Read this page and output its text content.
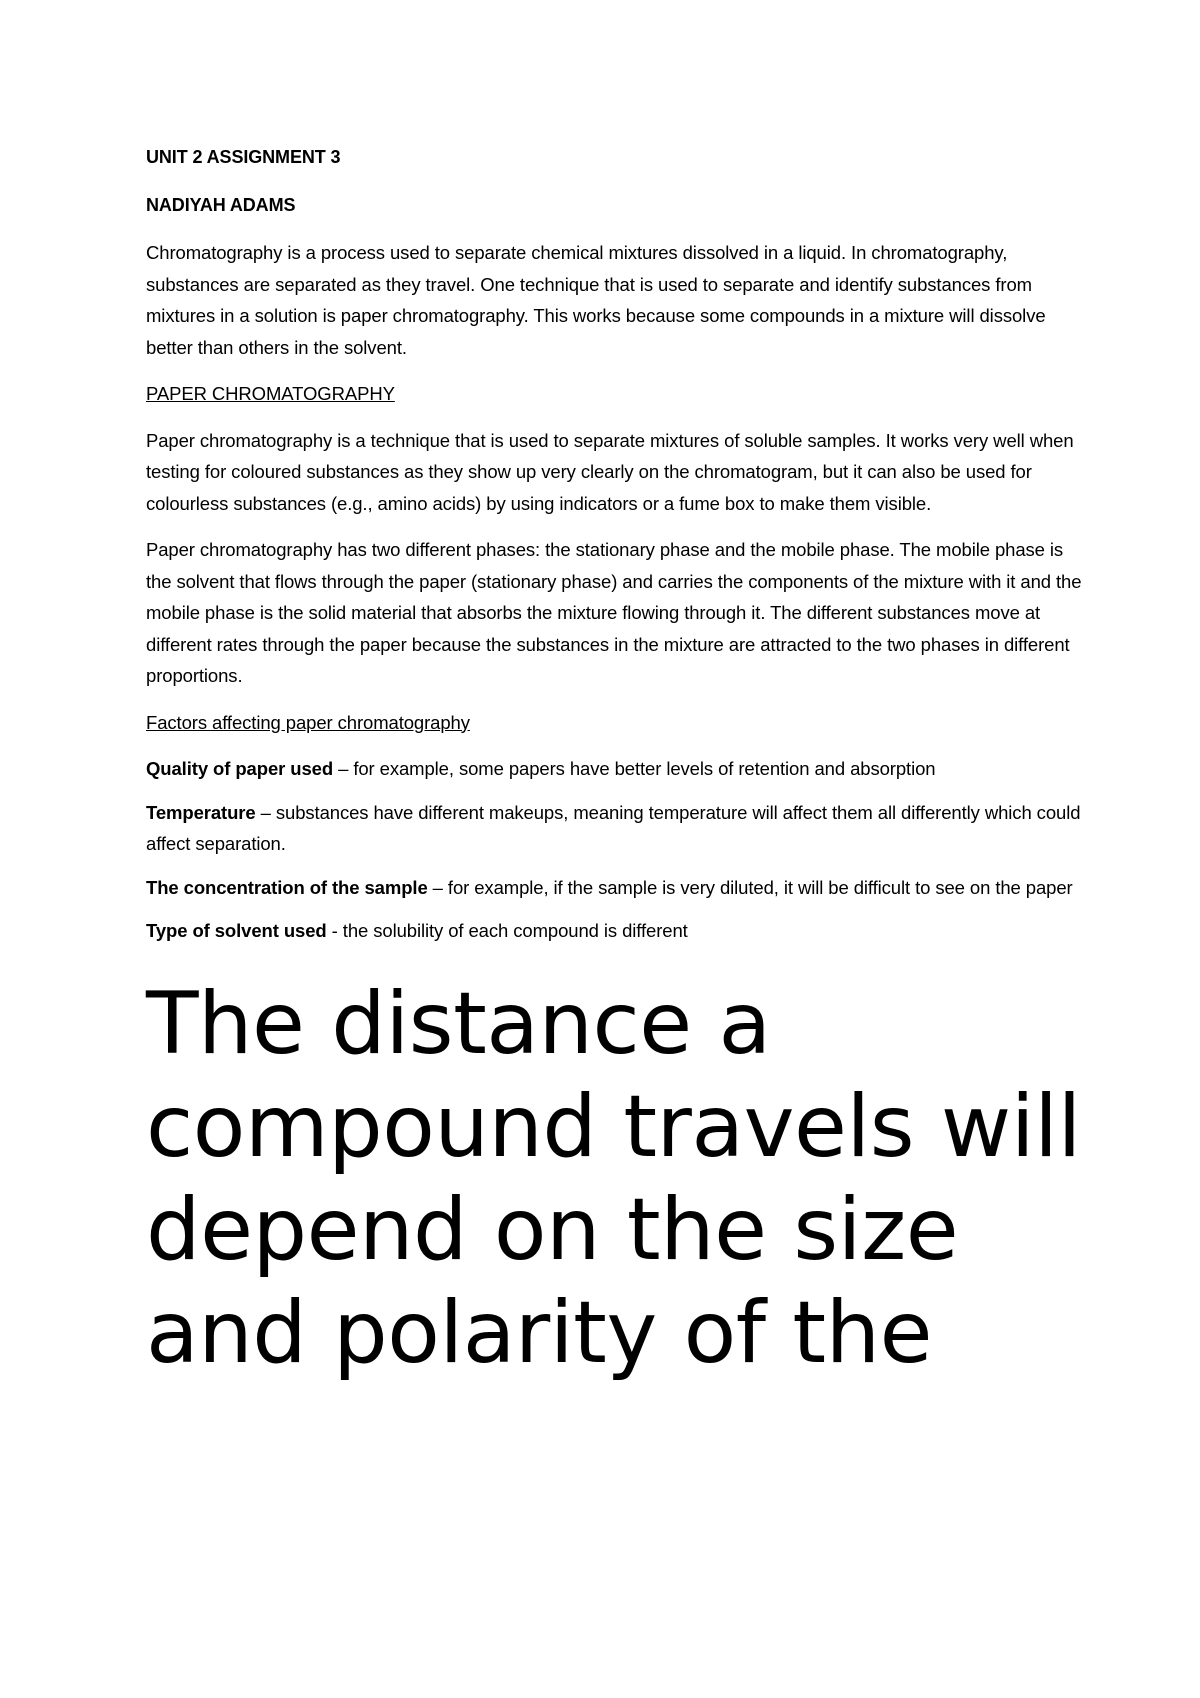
UNIT 2 ASSIGNMENT 3

NADIYAH ADAMS

Chromatography is a process used to separate chemical mixtures dissolved in a liquid. In chromatography, substances are separated as they travel. One technique that is used to separate and identify substances from mixtures in a solution is paper chromatography. This works because some compounds in a mixture will dissolve better than others in the solvent.

PAPER CHROMATOGRAPHY

Paper chromatography is a technique that is used to separate mixtures of soluble samples. It works very well when testing for coloured substances as they show up very clearly on the chromatogram, but it can also be used for colourless substances (e.g., amino acids) by using indicators or a fume box to make them visible.

Paper chromatography has two different phases: the stationary phase and the mobile phase. The mobile phase is the solvent that flows through the paper (stationary phase) and carries the components of the mixture with it and the mobile phase is the solid material that absorbs the mixture flowing through it. The different substances move at different rates through the paper because the substances in the mixture are attracted to the two phases in different proportions.

Factors affecting paper chromatography

Quality of paper used – for example, some papers have better levels of retention and absorption

Temperature – substances have different makeups, meaning temperature will affect them all differently which could affect separation.

The concentration of the sample – for example, if the sample is very diluted, it will be difficult to see on the paper

Type of solvent used - the solubility of each compound is different

The distance a compound travels will depend on the size and polarity of the
